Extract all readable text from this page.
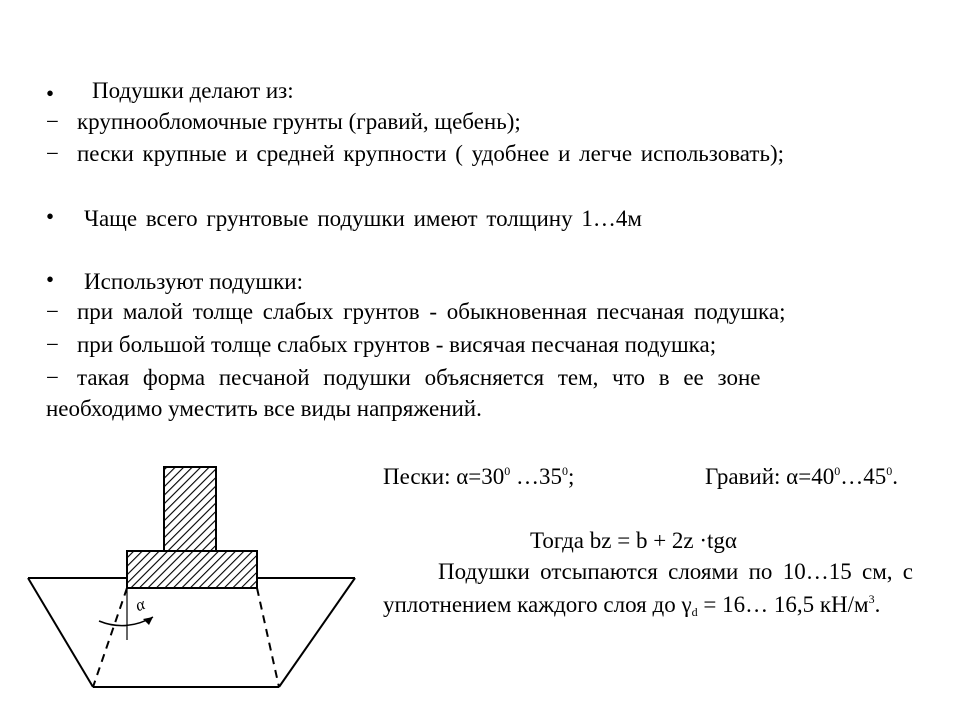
• Подушки делают из:
− крупнообломочные грунты (гравий, щебень);
− пески крупные и средней крупности ( удобнее и легче использовать);
• Чаще всего грунтовые подушки имеют толщину 1…4м
• Используют подушки:
− при малой толще слабых грунтов - обыкновенная песчаная подушка;
− при большой толще слабых грунтов - висячая песчаная подушка;
− такая форма песчаной подушки объясняется тем, что в ее зоне
необходимо уместить все виды напряжений.
Пески: $\alpha=30^0$ $\dots 35^0$;	Гравий: $\alpha=40^0\dots 45^0$.
Тогда bz = b + 2z ·tgα
Подушки отсыпаются слоями по 10…15 см, с уплотнением каждого слоя до $\gamma_d$ = 16… 16,5 $кН/м^3$.
α
